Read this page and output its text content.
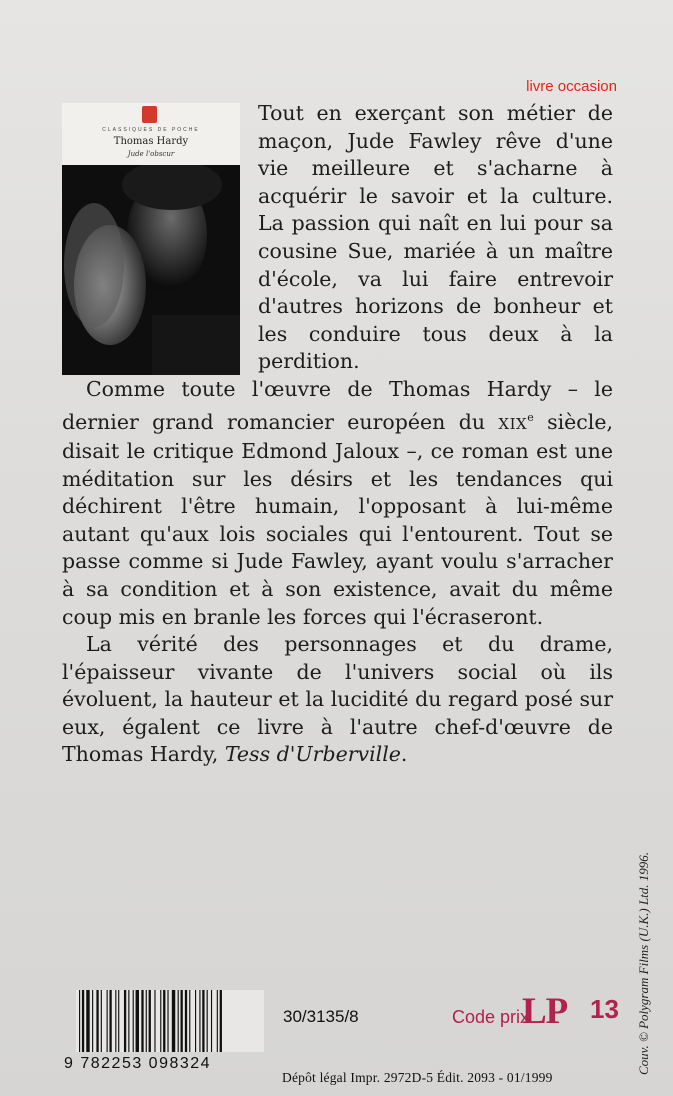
livre occasion
CLASSIQUES DE POCHE
Thomas Hardy
Jude l'obscur

Tout en exerçant son métier de maçon, Jude Fawley rêve d'une vie meilleure et s'acharne à acquérir le savoir et la culture. La passion qui naît en lui pour sa cousine Sue, mariée à un maître d'école, va lui faire entrevoir d'autres horizons de bonheur et les conduire tous deux à la perdition.

Comme toute l'œuvre de Thomas Hardy – le dernier grand romancier européen du XIXe siècle, disait le critique Edmond Jaloux –, ce roman est une méditation sur les désirs et les tendances qui déchirent l'être humain, l'opposant à lui-même autant qu'aux lois sociales qui l'entourent. Tout se passe comme si Jude Fawley, ayant voulu s'arracher à sa condition et à son existence, avait du même coup mis en branle les forces qui l'écraseront.

La vérité des personnages et du drame, l'épaisseur vivante de l'univers social où ils évoluent, la hauteur et la lucidité du regard posé sur eux, égalent ce livre à l'autre chef-d'œuvre de Thomas Hardy, Tess d'Urberville.

Couv. © Polygram Films (U.K.) Ltd. 1996.
9 782253 098324
30/3135/8	Code prix
LP 13
Dépôt légal Impr. 2972D-5 Édit. 2093 - 01/1999
